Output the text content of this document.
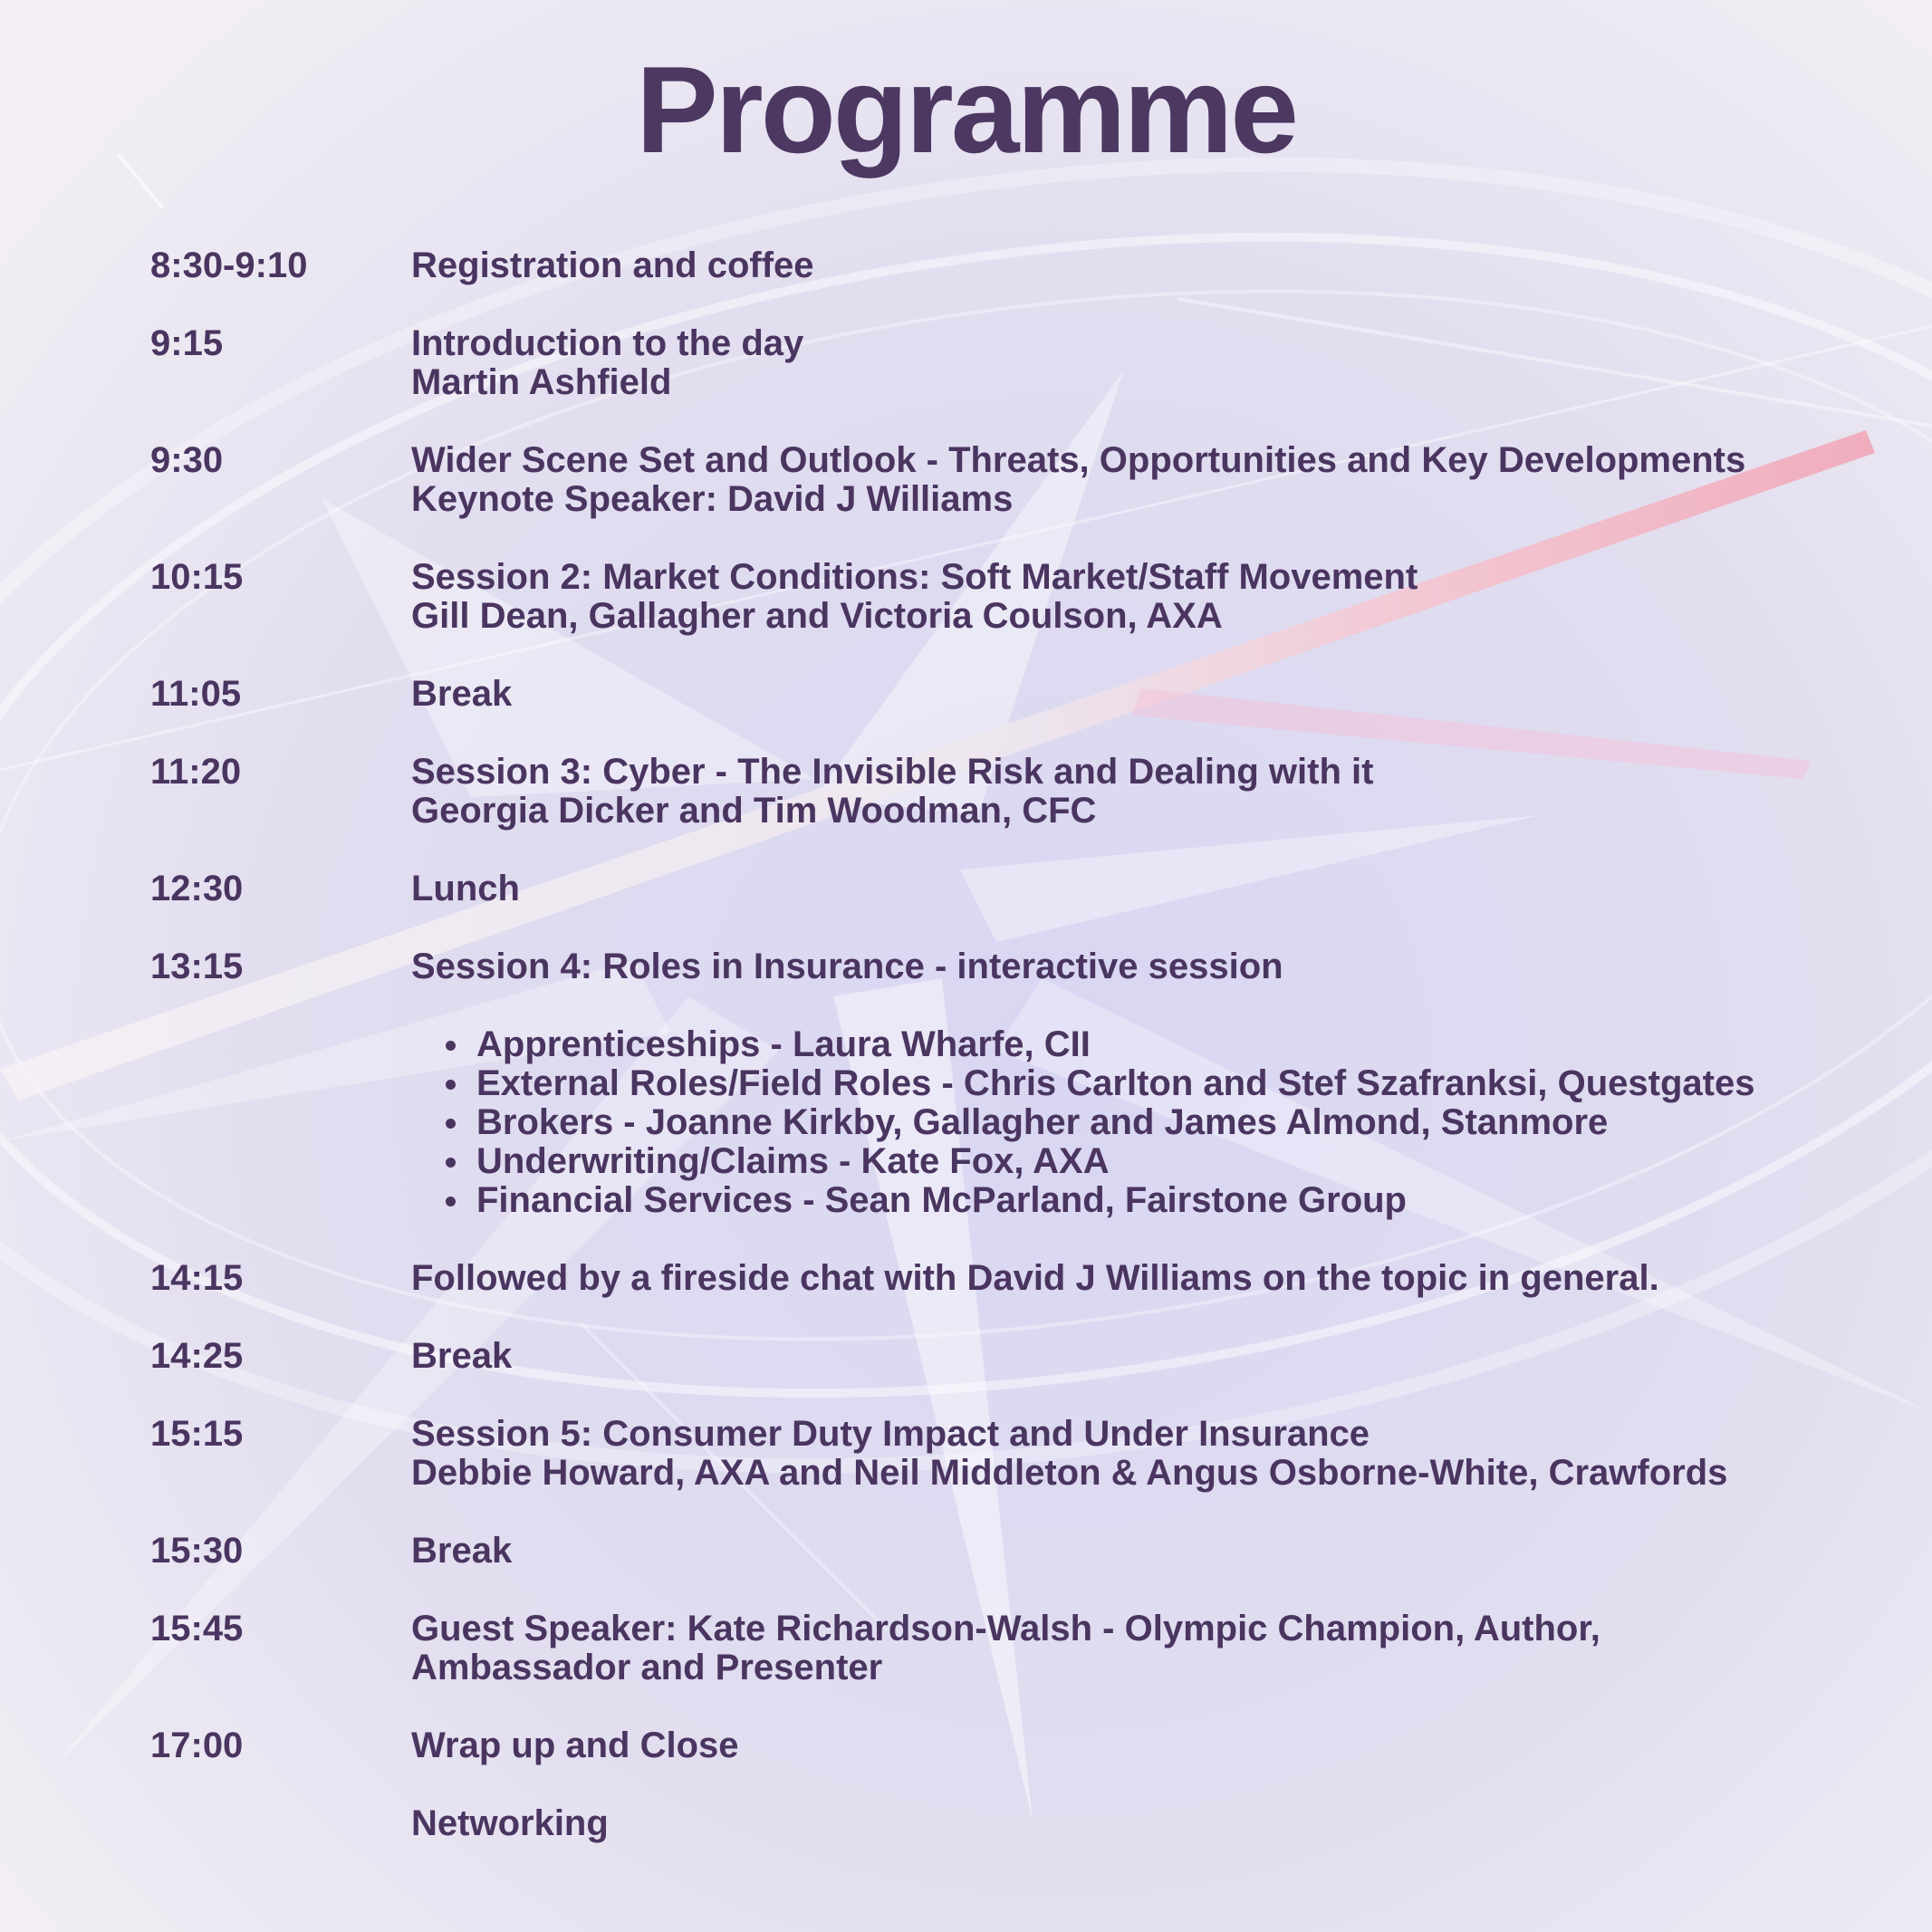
Programme
8:30-9:10	Registration and coffee
9:15	Introduction to the day
Martin Ashfield
9:30	Wider Scene Set and Outlook - Threats, Opportunities and Key Developments
Keynote Speaker: David J Williams
10:15	Session 2: Market Conditions: Soft Market/Staff Movement
Gill Dean, Gallagher and Victoria Coulson, AXA
11:05	Break
11:20	Session 3: Cyber - The Invisible Risk and Dealing with it
Georgia Dicker and Tim Woodman, CFC
12:30	Lunch
13:15	Session 4: Roles in Insurance - interactive session
Apprenticeships - Laura Wharfe, CII
External Roles/Field Roles - Chris Carlton and Stef Szafranksi, Questgates
Brokers - Joanne Kirkby, Gallagher and James Almond, Stanmore
Underwriting/Claims - Kate Fox, AXA
Financial Services - Sean McParland, Fairstone Group
14:15	Followed by a fireside chat with David J Williams on the topic in general.
14:25	Break
15:15	Session 5: Consumer Duty Impact and Under Insurance
Debbie Howard, AXA and Neil Middleton & Angus Osborne-White, Crawfords
15:30	Break
15:45	Guest Speaker: Kate Richardson-Walsh - Olympic Champion, Author,
Ambassador and Presenter
17:00	Wrap up and Close
Networking
